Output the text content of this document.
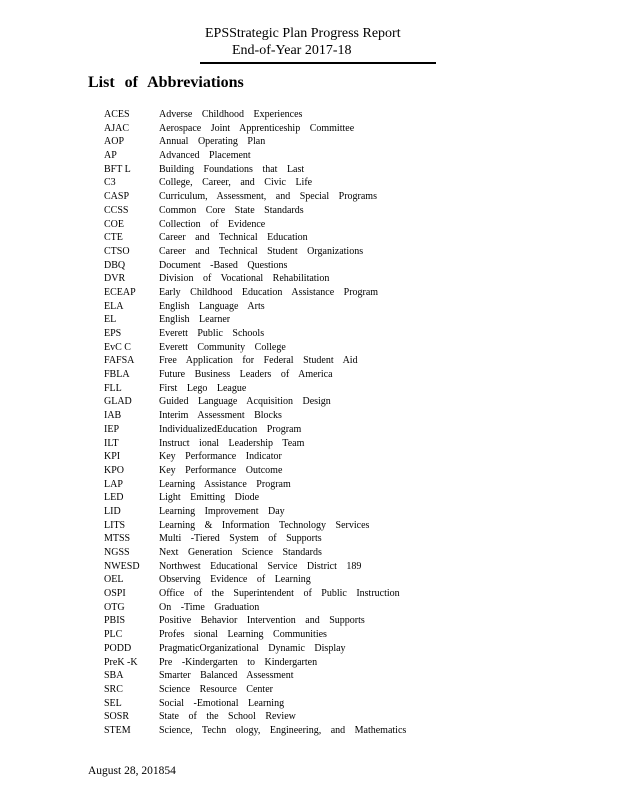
EPSStrategic Plan Progress Report
End-of-Year 2017-18
List of Abbreviations
ACES	Adverse Childhood Experiences
AJAC	Aerospace Joint Apprenticeship Committee
AOP	Annual Operating Plan
AP	Advanced Placement
BFT L	Building Foundations that Last
C3	College, Career, and Civic Life
CASP	Curriculum, Assessment, and Special Programs
CCSS	Common Core State Standards
COE	Collection of Evidence
CTE	Career and Technical Education
CTSO	Career and Technical Student Organizations
DBQ	Document -Based Questions
DVR	Division of Vocational Rehabilitation
ECEAP	Early Childhood Education Assistance Program
ELA	English Language Arts
EL	English Learner
EPS	Everett Public Schools
EvC C	Everett Community College
FAFSA	Free Application for Federal Student Aid
FBLA	Future Business Leaders of America
FLL	First Lego League
GLAD	Guided Language Acquisition Design
IAB	Interim Assessment Blocks
IEP	IndividualizedEducation Program
ILT	Instruct ional Leadership Team
KPI	Key Performance Indicator
KPO	Key Performance Outcome
LAP	Learning Assistance Program
LED	Light Emitting Diode
LID	Learning Improvement Day
LITS	Learning & Information Technology Services
MTSS	Multi -Tiered System of Supports
NGSS	Next Generation Science Standards
NWESD	Northwest Educational Service District 189
OEL	Observing Evidence of Learning
OSPI	Office of the Superintendent of Public Instruction
OTG	On -Time Graduation
PBIS	Positive Behavior Intervention and Supports
PLC	Profes sional Learning Communities
PODD	PragmaticOrganizational Dynamic Display
PreK -K	Pre -Kindergarten to Kindergarten
SBA	Smarter Balanced Assessment
SRC	Science Resource Center
SEL	Social -Emotional Learning
SOSR	State of the School Review
STEM	Science, Techn ology, Engineering, and Mathematics
August 28, 201854
